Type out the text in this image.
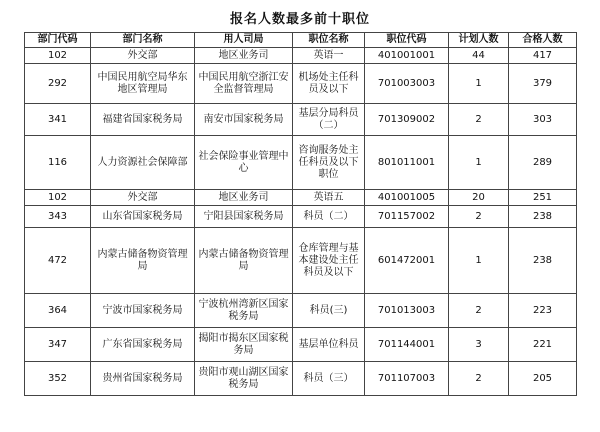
报名人数最多前十职位
部门代码	部门名称	用人司局	职位名称	职位代码	计划人数	合格人数
102	外交部	地区业务司	英语一	401001001	44	417
292	中国民用航空局华东地区管理局	中国民用航空浙江安全监督管理局	机场处主任科员及以下	701003003	1	379
341	福建省国家税务局	南安市国家税务局	基层分局科员（二）	701309002	2	303
116	人力资源社会保障部	社会保险事业管理中心	咨询服务处主任科员及以下职位	801011001	1	289
102	外交部	地区业务司	英语五	401001005	20	251
343	山东省国家税务局	宁阳县国家税务局	科员（二）	701157002	2	238
472	内蒙古储备物资管理局	内蒙古储备物资管理局	仓库管理与基本建设处主任科员及以下	601472001	1	238
364	宁波市国家税务局	宁波杭州湾新区国家税务局	科员(三)	701013003	2	223
347	广东省国家税务局	揭阳市揭东区国家税务局	基层单位科员	701144001	3	221
352	贵州省国家税务局	贵阳市观山湖区国家税务局	科员（三）	701107003	2	205
